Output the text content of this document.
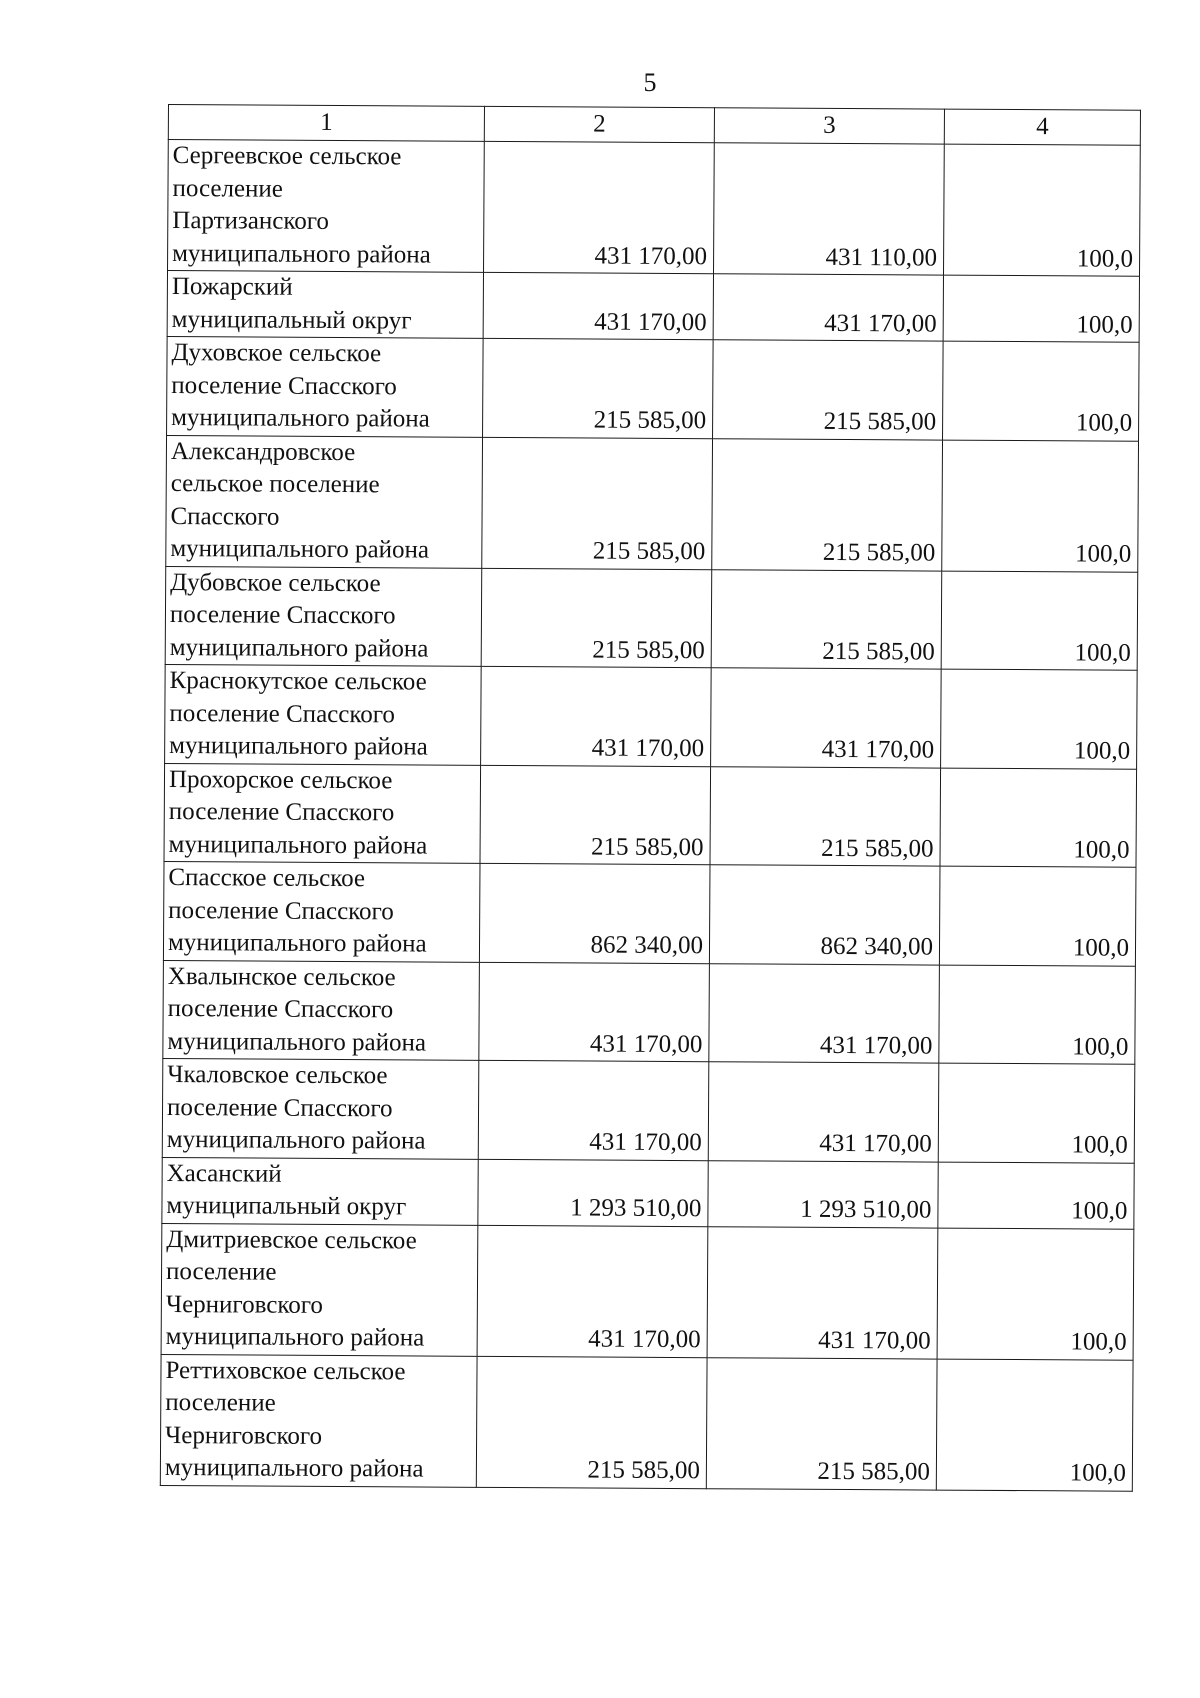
5
1	2	3	4
Сергеевское сельское
поселение
Партизанского
муниципального района	431 170,00	431 110,00	100,0
Пожарский
муниципальный округ	431 170,00	431 170,00	100,0
Духовское сельское
поселение Спасского
муниципального района	215 585,00	215 585,00	100,0
Александровское
сельское поселение
Спасского
муниципального района	215 585,00	215 585,00	100,0
Дубовское сельское
поселение Спасского
муниципального района	215 585,00	215 585,00	100,0
Краснокутское сельское
поселение Спасского
муниципального района	431 170,00	431 170,00	100,0
Прохорское сельское
поселение Спасского
муниципального района	215 585,00	215 585,00	100,0
Спасское сельское
поселение Спасского
муниципального района	862 340,00	862 340,00	100,0
Хвалынское сельское
поселение Спасского
муниципального района	431 170,00	431 170,00	100,0
Чкаловское сельское
поселение Спасского
муниципального района	431 170,00	431 170,00	100,0
Хасанский
муниципальный округ	1 293 510,00	1 293 510,00	100,0
Дмитриевское сельское
поселение
Черниговского
муниципального района	431 170,00	431 170,00	100,0
Реттиховское сельское
поселение
Черниговского
муниципального района	215 585,00	215 585,00	100,0
